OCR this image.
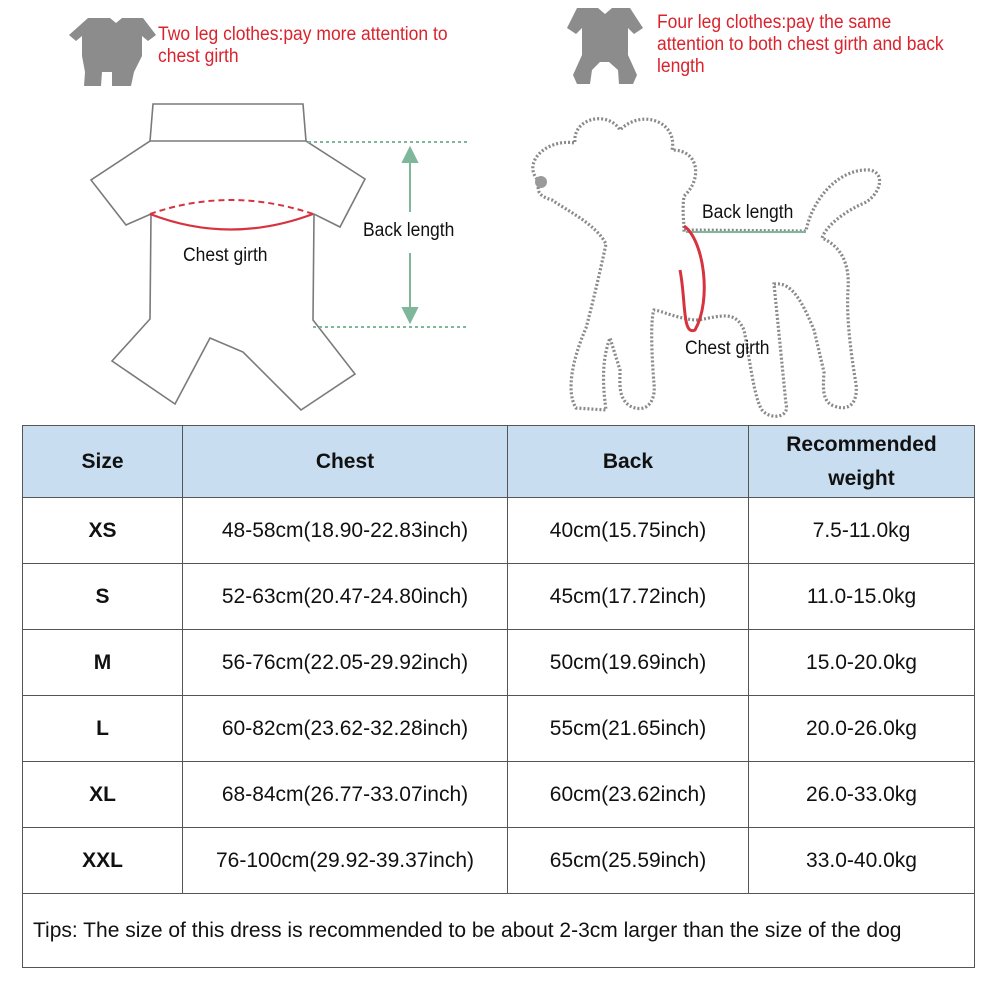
Two leg clothes:pay more attention to chest girth
Four leg clothes:pay the same attention to both chest girth and back length
Chest girth
Back length
Back length
Chest girth
Size	Chest	Back	Recommended weight
XS	48-58cm(18.90-22.83inch)	40cm(15.75inch)	7.5-11.0kg
S	52-63cm(20.47-24.80inch)	45cm(17.72inch)	11.0-15.0kg
M	56-76cm(22.05-29.92inch)	50cm(19.69inch)	15.0-20.0kg
L	60-82cm(23.62-32.28inch)	55cm(21.65inch)	20.0-26.0kg
XL	68-84cm(26.77-33.07inch)	60cm(23.62inch)	26.0-33.0kg
XXL	76-100cm(29.92-39.37inch)	65cm(25.59inch)	33.0-40.0kg
Tips: The size of this dress is recommended to be about 2-3cm larger than the size of the dog			
